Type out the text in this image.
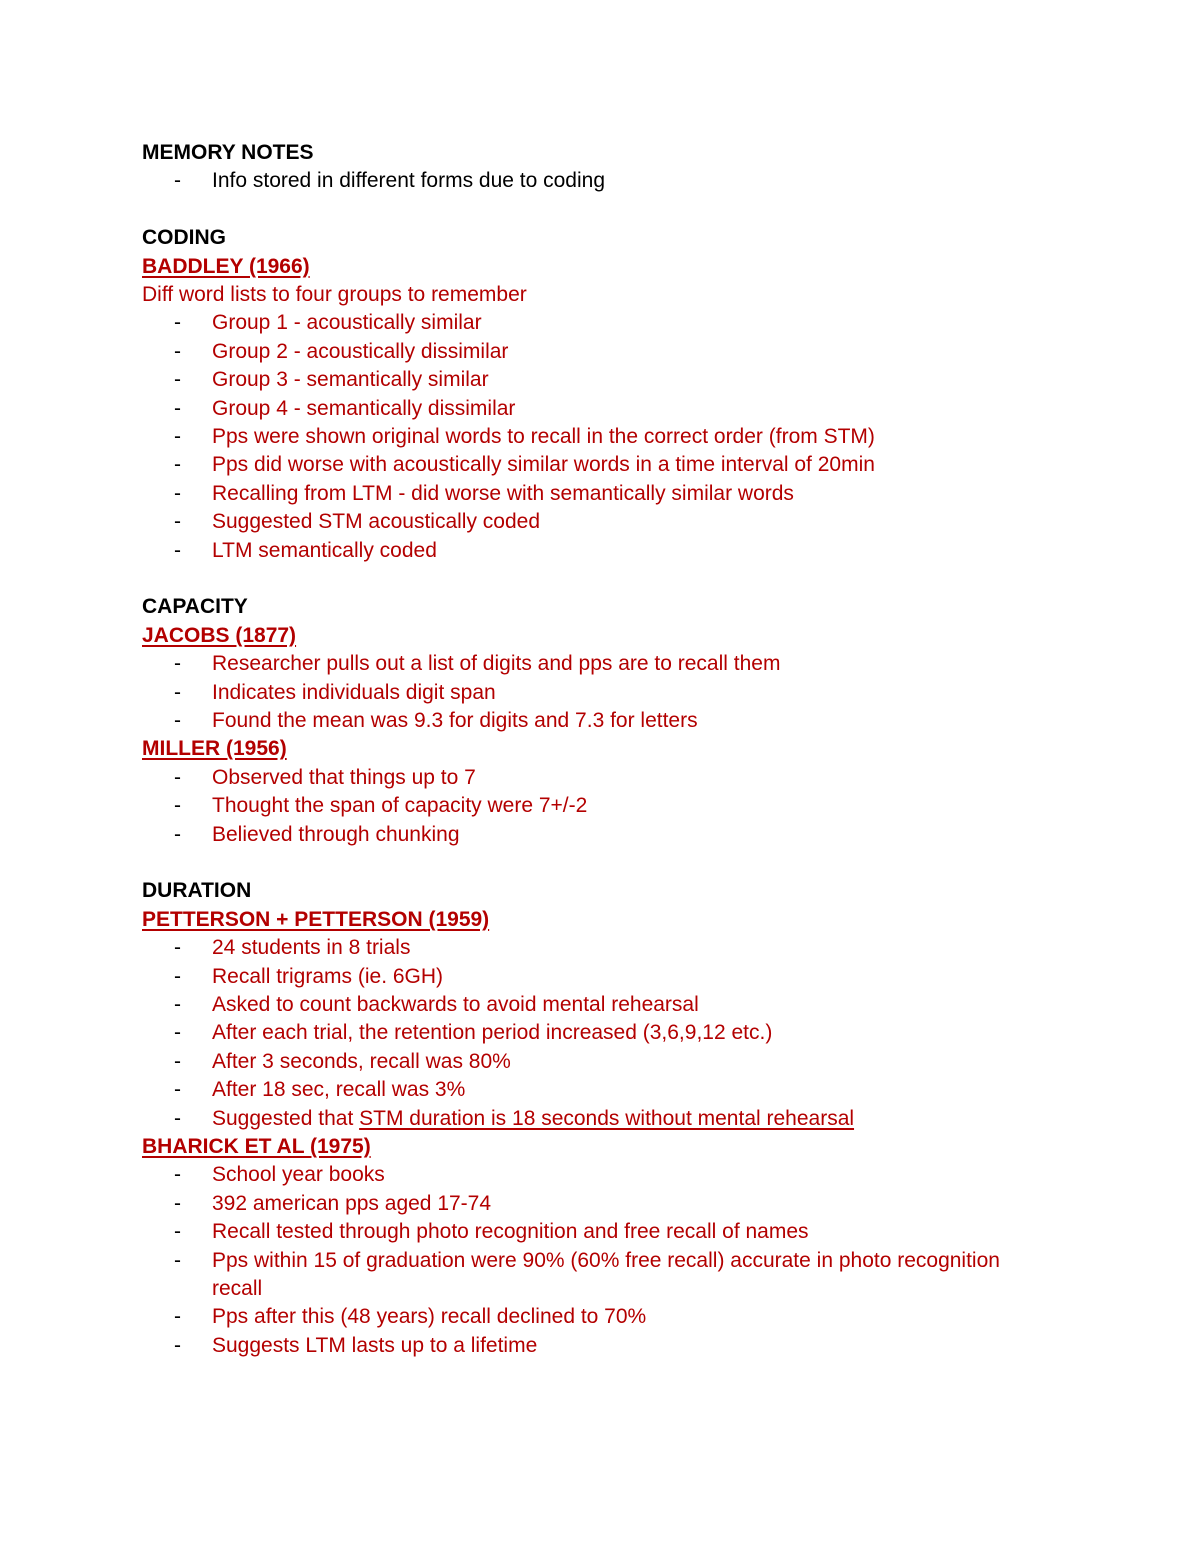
MEMORY NOTES
- Info stored in different forms due to coding
CODING
BADDLEY (1966)
Diff word lists to four groups to remember
- Group 1 - acoustically similar
- Group 2 - acoustically dissimilar
- Group 3 - semantically similar
- Group 4 - semantically dissimilar
- Pps were shown original words to recall in the correct order (from STM)
- Pps did worse with acoustically similar words in a time interval of 20min
- Recalling from LTM - did worse with semantically similar words
- Suggested STM acoustically coded
- LTM semantically coded
CAPACITY
JACOBS (1877)
- Researcher pulls out a list of digits and pps are to recall them
- Indicates individuals digit span
- Found the mean was 9.3 for digits and 7.3 for letters
MILLER (1956)
- Observed that things up to 7
- Thought the span of capacity were 7+/-2
- Believed through chunking
DURATION
PETTERSON + PETTERSON (1959)
- 24 students in 8 trials
- Recall trigrams (ie. 6GH)
- Asked to count backwards to avoid mental rehearsal
- After each trial, the retention period increased (3,6,9,12 etc.)
- After 3 seconds, recall was 80%
- After 18 sec, recall was 3%
- Suggested that STM duration is 18 seconds without mental rehearsal
BHARICK ET AL (1975)
- School year books
- 392 american pps aged 17-74
- Recall tested through photo recognition and free recall of names
- Pps within 15 of graduation were 90% (60% free recall) accurate in photo recognition recall
- Pps after this (48 years) recall declined to 70%
- Suggests LTM lasts up to a lifetime
